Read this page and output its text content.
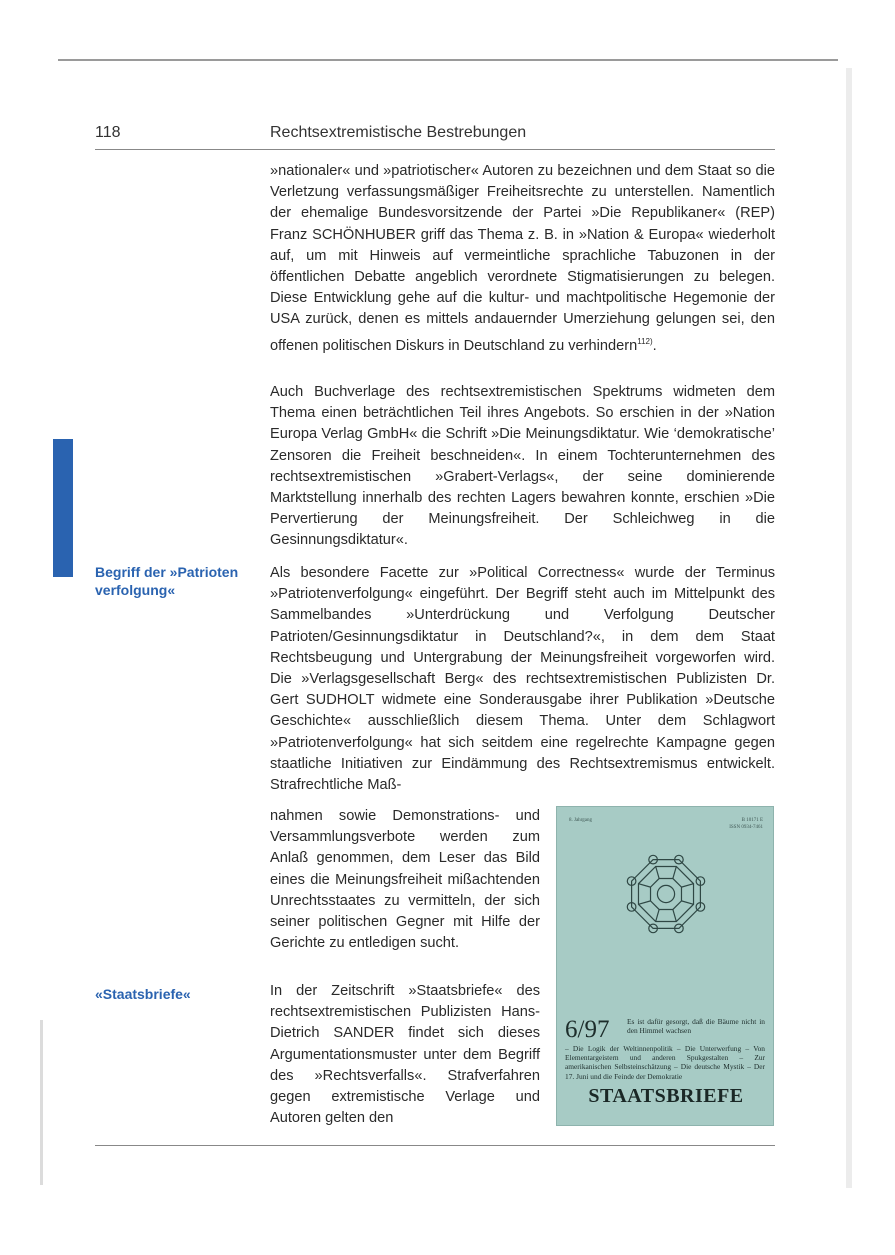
118	Rechtsextremistische Bestrebungen
Begriff der »Patrioten verfolgung«
«Staatsbriefe«

»nationaler« und »patriotischer« Autoren zu bezeichnen und dem Staat so die Verletzung verfassungsmäßiger Freiheitsrechte zu unterstellen. Namentlich der ehemalige Bundesvorsitzende der Partei »Die Republikaner« (REP) Franz SCHÖNHUBER griff das Thema z. B. in »Nation & Europa« wiederholt auf, um mit Hinweis auf vermeintliche sprachliche Tabuzonen in der öffentlichen Debatte angeblich verordnete Stigmatisierungen zu belegen. Diese Entwicklung gehe auf die kultur- und machtpolitische Hegemonie der USA zurück, denen es mittels andauernder Umerziehung gelungen sei, den offenen politischen Diskurs in Deutschland zu verhindern$^{112)}$.

Auch Buchverlage des rechtsextremistischen Spektrums widmeten dem Thema einen beträchtlichen Teil ihres Angebots. So erschien in der »Nation Europa Verlag GmbH« die Schrift »Die Meinungsdiktatur. Wie ‘demokratische’ Zensoren die Freiheit beschneiden«. In einem Tochterunternehmen des rechtsextremistischen »Grabert-Verlags«, der seine dominierende Marktstellung innerhalb des rechten Lagers bewahren konnte, erschien »Die Pervertierung der Meinungsfreiheit. Der Schleichweg in die Gesinnungsdiktatur«.

Als besondere Facette zur »Political Correctness« wurde der Terminus »Patriotenverfolgung« eingeführt. Der Begriff steht auch im Mittelpunkt des Sammelbandes »Unterdrückung und Verfolgung Deutscher Patrioten/Gesinnungsdiktatur in Deutschland?«, in dem dem Staat Rechtsbeugung und Untergrabung der Meinungsfreiheit vorgeworfen wird. Die »Verlagsgesellschaft Berg« des rechtsextremistischen Publizisten Dr. Gert SUDHOLT widmete eine Sonderausgabe ihrer Publikation »Deutsche Geschichte« ausschließlich diesem Thema. Unter dem Schlagwort »Patriotenverfolgung« hat sich seitdem eine regelrechte Kampagne gegen staatliche Initiativen zur Eindämmung des Rechtsextremismus entwickelt. Strafrechtliche Maß-

nahmen sowie Demonstrations- und Versammlungsverbote werden zum Anlaß genommen, dem Leser das Bild eines die Meinungsfreiheit mißachtenden Unrechtsstaates zu vermitteln, der sich seiner politischen Gegner mit Hilfe der Gerichte zu entledigen sucht.

In der Zeitschrift »Staatsbriefe« des rechtsextremistischen Publizisten Hans-Dietrich SANDER findet sich dieses Argumentationsmuster unter dem Begriff des »Rechtsverfalls«. Strafverfahren gegen extremistische Verlage und Autoren gelten den

8. Jahrgang	B 10171 E
ISSN 0934-7461
6/97 Es ist dafür gesorgt, daß die Bäume nicht in den Himmel wachsen
– Die Logik der Weltinnenpolitik – Die Unterwerfung – Von Elementargeistern und anderen Spukgestalten – Zur amerikanischen Selbsteinschätzung – Die deutsche Mystik – Der 17. Juni und die Feinde der Demokratie
STAATSBRIEFE
